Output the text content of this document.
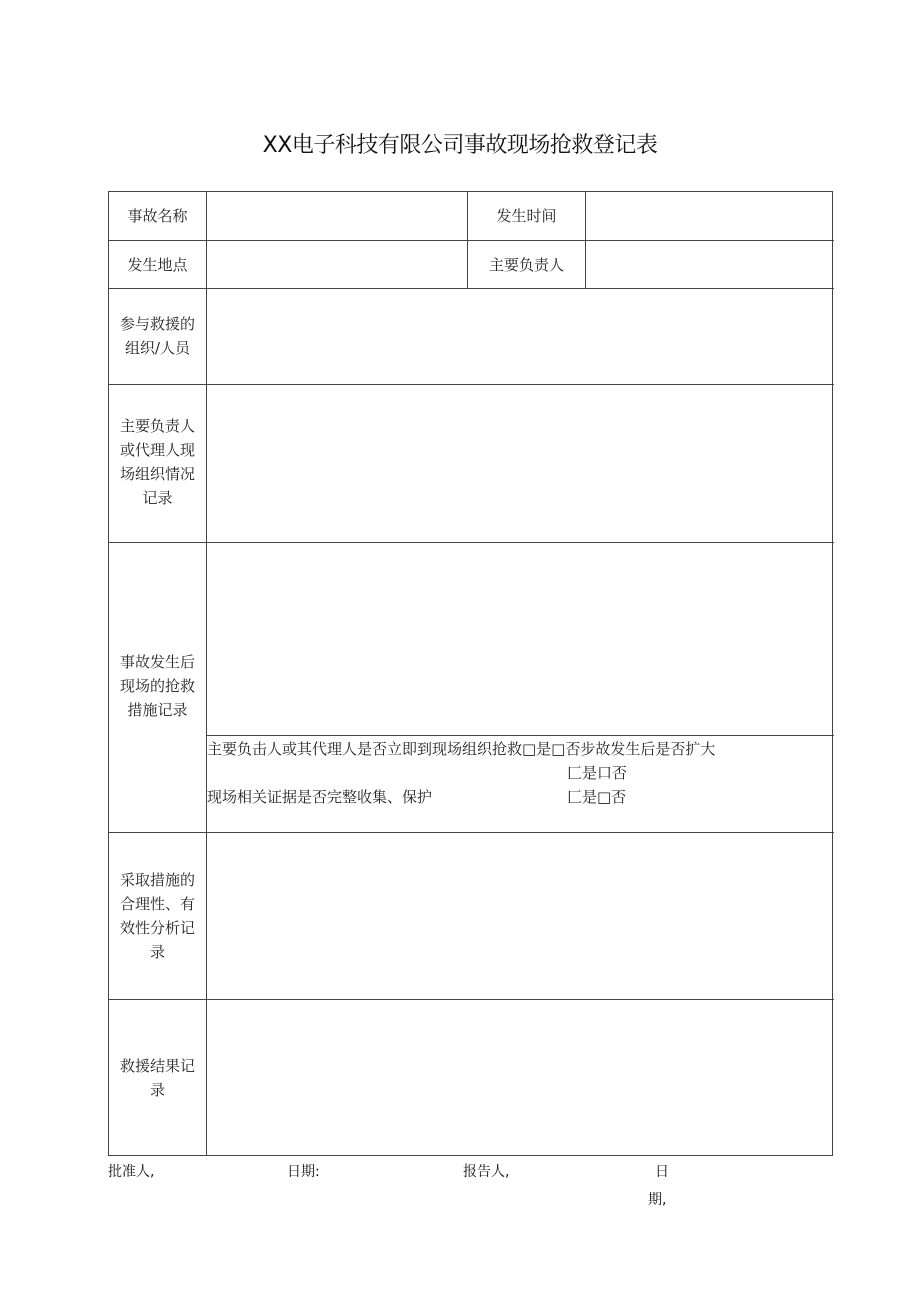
XX电子科技有限公司事故现场抢救登记表
事故名称	发生时间
发生地点	主要负责人
参与救援的
组织/人员
主要负责人
或代理人现
场组织情况
记录
事故发生后
现场的抢救
措施记录
主要负击人或其代理人是否立即到现场组织抢救□是□否步故发生后是否扩大
匚是口否
现场相关证据是否完整收集、保护	匚是□否
采取措施的
合理性、有
效性分析记
录
救援结果记
录
批准人,	日期:	报告人,	日
期,
